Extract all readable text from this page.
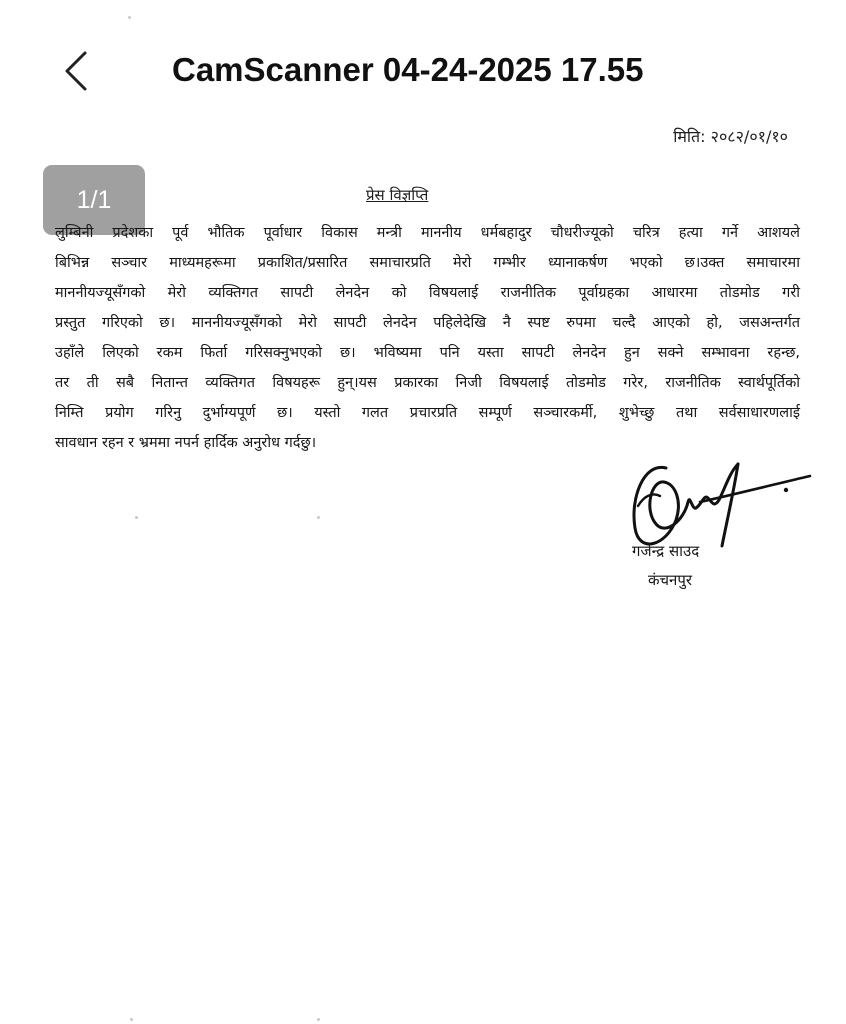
CamScanner 04-24-2025 17.55
मिति: २०८२/०१/१०
1/1	प्रेस विज्ञप्ति
लुम्बिनी प्रदेशका पूर्व भौतिक पूर्वाधार विकास मन्त्री माननीय धर्मबहादुर चौधरीज्यूको चरित्र हत्या गर्ने आशयले
बिभिन्न सञ्चार माध्यमहरूमा प्रकाशित/प्रसारित समाचारप्रति मेरो गम्भीर ध्यानाकर्षण भएको छ।उक्त समाचारमा
माननीयज्यूसँगको मेरो व्यक्तिगत सापटी लेनदेन को विषयलाई राजनीतिक पूर्वाग्रहका आधारमा तोडमोड गरी
प्रस्तुत गरिएको छ। माननीयज्यूसँगको मेरो सापटी लेनदेन पहिलेदेखि नै स्पष्ट रुपमा चल्दै आएको हो, जसअन्तर्गत
उहाँले लिएको रकम फिर्ता गरिसक्नुभएको छ। भविष्यमा पनि यस्ता सापटी लेनदेन हुन सक्ने सम्भावना रहन्छ,
तर ती सबै नितान्त व्यक्तिगत विषयहरू हुन्।यस प्रकारका निजी विषयलाई तोडमोड गरेर, राजनीतिक स्वार्थपूर्तिको
निम्ति प्रयोग गरिनु दुर्भाग्यपूर्ण छ। यस्तो गलत प्रचारप्रति सम्पूर्ण सञ्चारकर्मी, शुभेच्छु तथा सर्वसाधारणलाई
सावधान रहन र भ्रममा नपर्न हार्दिक अनुरोध गर्दछु।
गजेन्द्र साउद
कंचनपुर
